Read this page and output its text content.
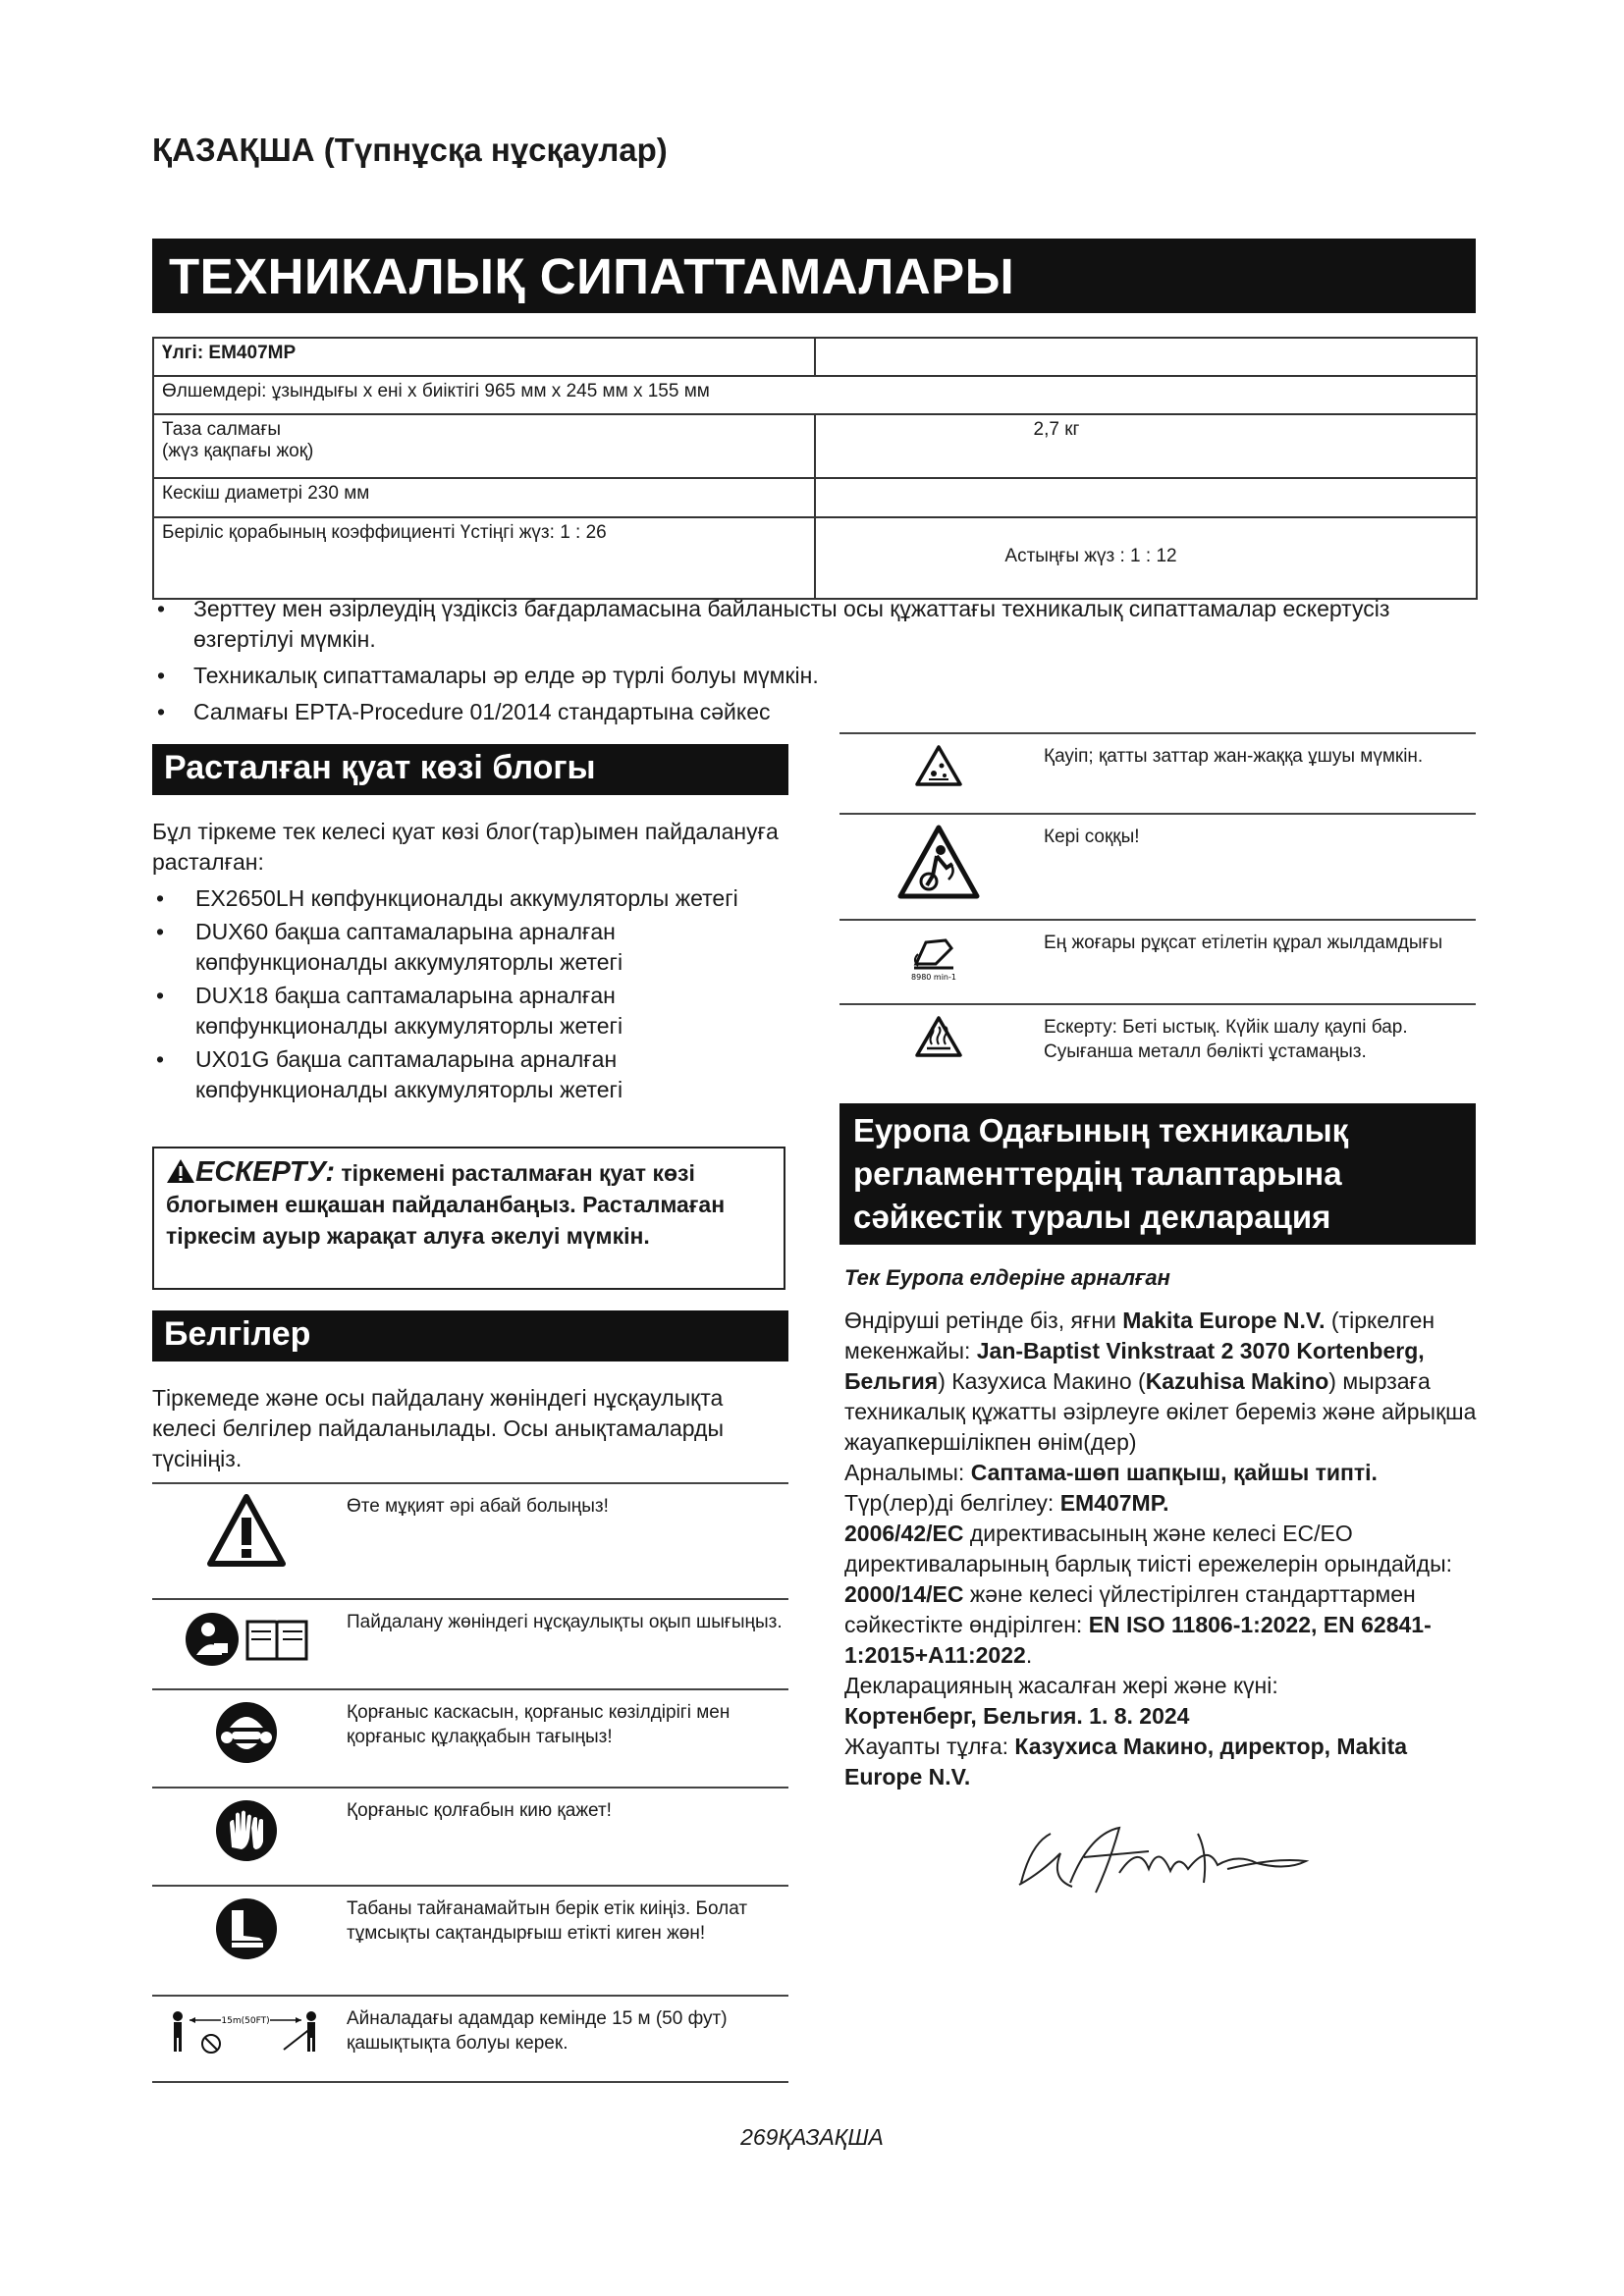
ҚАЗАҚША (Түпнұсқа нұсқаулар)
ТЕХНИКАЛЫҚ СИПАТТАМАЛАРЫ
Үлгі: EM407MP	
Өлшемдері: ұзындығы x ені x биіктігі 965 мм x 245 мм x 155 мм	
Таза салмағы
(жүз қақпағы жоқ)	2,7 кг
Кескіш диаметрі 230 мм	
Беріліс қорабының коэффициенті Үстіңгі жүз: 1 : 26	Астыңғы жүз : 1 : 12
• Зерттеу мен әзірлеудің үздіксіз бағдарламасына байланысты осы құжаттағы техникалық сипаттамалар ескертусіз өзгертілуі мүмкін.
• Техникалық сипаттамалары әр елде әр түрлі болуы мүмкін.
• Салмағы EPTA-Procedure 01/2014 стандартына сәйкес
Расталған қуат көзі блогы
Бұл тіркеме тек келесі қуат көзі блог(тар)ымен пайдалануға расталған:
• EX2650LH көпфункционалды аккумуляторлы жетегі
• DUX60 бақша саптамаларына арналған көпфункционалды аккумуляторлы жетегі
• DUX18 бақша саптамаларына арналған көпфункционалды аккумуляторлы жетегі
• UX01G бақша саптамаларына арналған көпфункционалды аккумуляторлы жетегі
ЕСКЕРТУ: тіркемені расталмаған қуат көзі блогымен ешқашан пайдаланбаңыз. Расталмаған тіркесім ауыр жарақат алуға әкелуі мүмкін.
Белгілер
Тіркемеде және осы пайдалану жөніндегі нұсқаулықта келесі белгілер пайдаланылады. Осы анықтамаларды түсініңіз.
	Өте мұқият әрі абай болыңыз!
	Пайдалану жөніндегі нұсқаулықты оқып шығыңыз.
	Қорғаныс каскасын, қорғаныс көзілдірігі мен қорғаныс құлаққабын тағыңыз!
	Қорғаныс қолғабын кию қажет!
	Табаны тайғанамайтын берік етік киіңіз. Болат тұмсықты сақтандырғыш етікті киген жөн!

15m(50FT)	Айналадағы адамдар кемінде 15 м (50 фут) қашықтықта болуы керек.
	Қауіп; қатты заттар жан-жаққа ұшуы мүмкін.
	Кері соққы!

8980 min-1	Ең жоғары рұқсат етілетін құрал жылдамдығы
	Ескерту: Беті ыстық. Күйік шалу қаупі бар. Суығанша металл бөлікті ұстамаңыз.
Еуропа Одағының техникалық регламенттердің талаптарына сәйкестік туралы декларация
Тек Еуропа елдеріне арналған
Өндіруші ретінде біз, яғни Makita Europe N.V. (тіркелген мекенжайы: Jan-Baptist Vinkstraat 2 3070 Kortenberg, Бельгия) Казухиса Макино (Kazuhisa Makino) мырзаға техникалық құжатты әзірлеуге өкілет береміз және айрықша жауапкершілікпен өнім(дер)
Арналымы: Саптама-шөп шапқыш, қайшы типті.
Түр(лер)ді белгілеу: EM407MP.
2006/42/EC директивасының және келесі ЕС/ЕО директиваларының барлық тиісті ережелерін орындайды: 2000/14/EC және келесі үйлестірілген стандарттармен сәйкестікте өндірілген: EN ISO 11806-1:2022, EN 62841-1:2015+A11:2022.
Декларацияның жасалған жері және күні:
Кортенберг, Бельгия. 1. 8. 2024
Жауапты тұлға: Казухиса Макино, директор, Makita Europe N.V.
269ҚАЗАҚША
